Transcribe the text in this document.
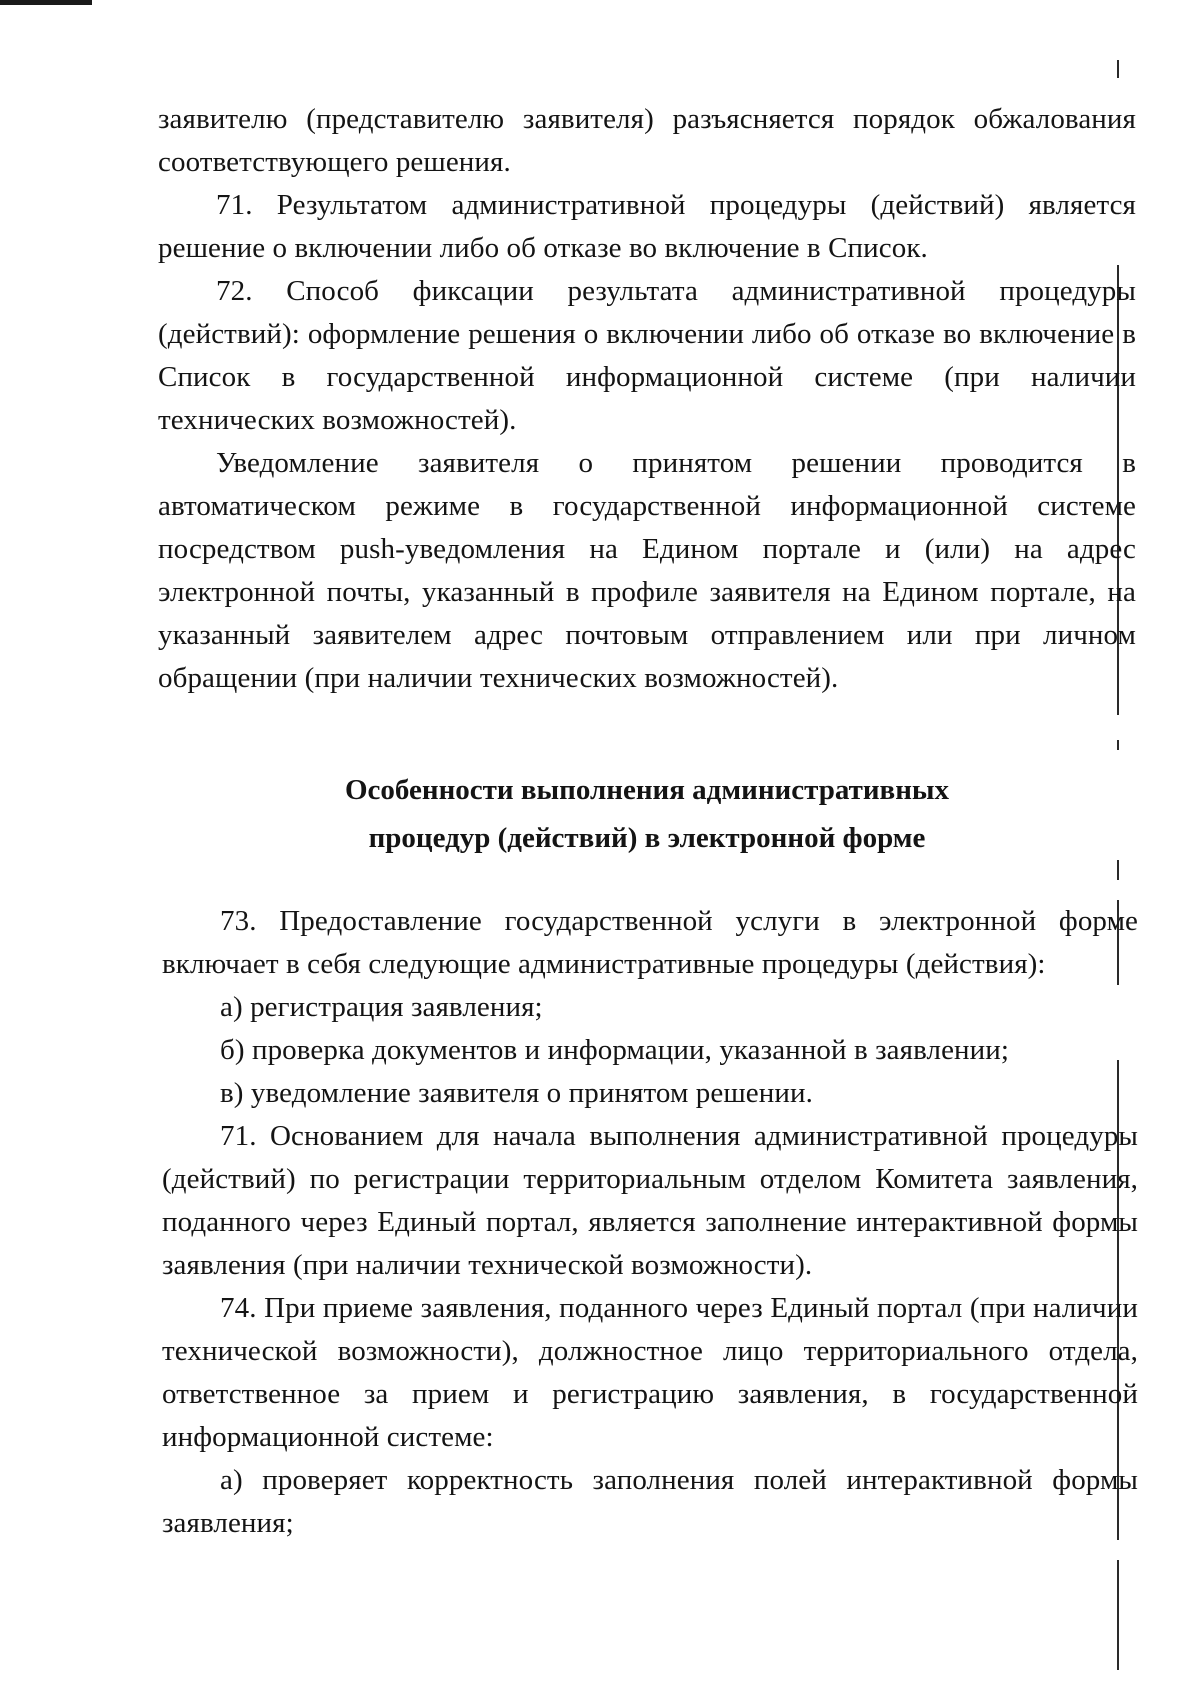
заявителю (представителю заявителя) разъясняется порядок обжалования соответствующего решения.

71. Результатом административной процедуры (действий) является решение о включении либо об отказе во включение в Список.

72. Способ фиксации результата административной процедуры (действий): оформление решения о включении либо об отказе во включение в Список в государственной информационной системе (при наличии технических возможностей).

Уведомление заявителя о принятом решении проводится в автоматическом режиме в государственной информационной системе посредством push-уведомления на Едином портале и (или) на адрес электронной почты, указанный в профиле заявителя на Едином портале, на указанный заявителем адрес почтовым отправлением или при личном обращении (при наличии технических возможностей).

Особенности выполнения административных
процедур (действий) в электронной форме

73. Предоставление государственной услуги в электронной форме включает в себя следующие административные процедуры (действия):

а) регистрация заявления;

б) проверка документов и информации, указанной в заявлении;

в) уведомление заявителя о принятом решении.

71. Основанием для начала выполнения административной процедуры (действий) по регистрации территориальным отделом Комитета заявления, поданного через Единый портал, является заполнение интерактивной формы заявления (при наличии технической возможности).

74. При приеме заявления, поданного через Единый портал (при наличии технической возможности), должностное лицо территориального отдела, ответственное за прием и регистрацию заявления, в государственной информационной системе:

а) проверяет корректность заполнения полей интерактивной формы заявления;
